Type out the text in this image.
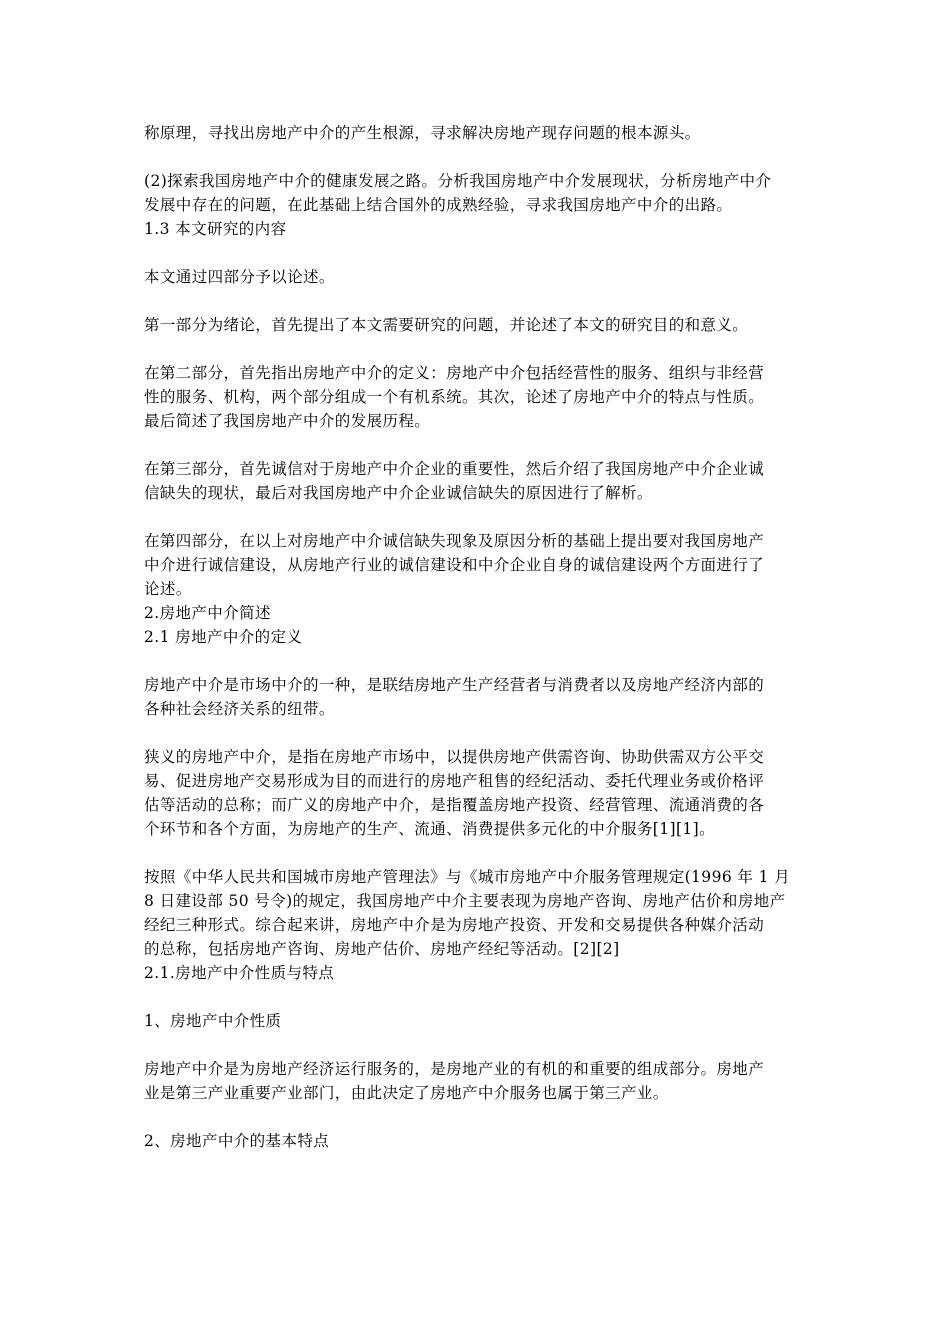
称原理，寻找出房地产中介的产生根源，寻求解决房地产现存问题的根本源头。
(2)探索我国房地产中介的健康发展之路。分析我国房地产中介发展现状，分析房地产中介
发展中存在的问题，在此基础上结合国外的成熟经验，寻求我国房地产中介的出路。
1.3 本文研究的内容
本文通过四部分予以论述。
第一部分为绪论，首先提出了本文需要研究的问题，并论述了本文的研究目的和意义。
在第二部分，首先指出房地产中介的定义：房地产中介包括经营性的服务、组织与非经营
性的服务、机构，两个部分组成一个有机系统。其次，论述了房地产中介的特点与性质。
最后简述了我国房地产中介的发展历程。
在第三部分，首先诚信对于房地产中介企业的重要性，然后介绍了我国房地产中介企业诚
信缺失的现状，最后对我国房地产中介企业诚信缺失的原因进行了解析。
在第四部分，在以上对房地产中介诚信缺失现象及原因分析的基础上提出要对我国房地产
中介进行诚信建设，从房地产行业的诚信建设和中介企业自身的诚信建设两个方面进行了
论述。
2.房地产中介简述
2.1 房地产中介的定义
房地产中介是市场中介的一种，是联结房地产生产经营者与消费者以及房地产经济内部的
各种社会经济关系的纽带。
狭义的房地产中介，是指在房地产市场中，以提供房地产供需咨询、协助供需双方公平交
易、促进房地产交易形成为目的而进行的房地产租售的经纪活动、委托代理业务或价格评
估等活动的总称；而广义的房地产中介，是指覆盖房地产投资、经营管理、流通消费的各
个环节和各个方面，为房地产的生产、流通、消费提供多元化的中介服务[1][1]。
按照《中华人民共和国城市房地产管理法》与《城市房地产中介服务管理规定(1996 年 1 月
8 日建设部 50 号令)的规定，我国房地产中介主要表现为房地产咨询、房地产估价和房地产
经纪三种形式。综合起来讲，房地产中介是为房地产投资、开发和交易提供各种媒介活动
的总称，包括房地产咨询、房地产估价、房地产经纪等活动。[2][2]
2.1.房地产中介性质与特点
1、房地产中介性质
房地产中介是为房地产经济运行服务的，是房地产业的有机的和重要的组成部分。房地产
业是第三产业重要产业部门，由此决定了房地产中介服务也属于第三产业。
2、房地产中介的基本特点
